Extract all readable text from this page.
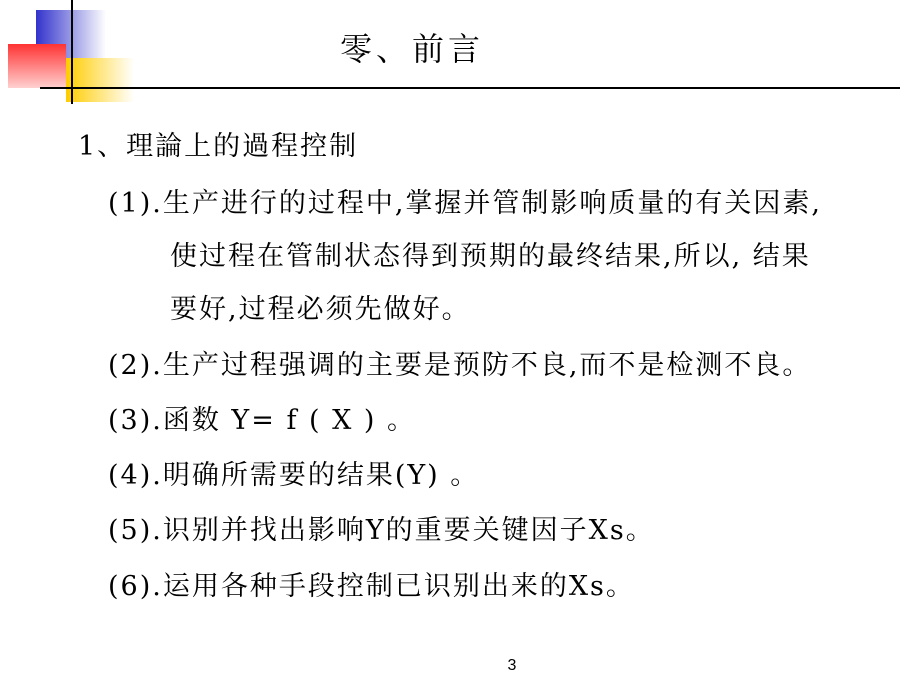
零、前言
1、理論上的過程控制
(1).生产进行的过程中,掌握并管制影响质量的有关因素,
使过程在管制状态得到预期的最终结果,所以, 结果
要好,过程必须先做好。
(2).生产过程强调的主要是预防不良,而不是检测不良。
(3).函数 Y= f ( X ) 。
(4).明确所需要的结果(Y) 。
(5).识别并找出影响Y的重要关键因子Xs。
(6).运用各种手段控制已识别出来的Xs。
3
